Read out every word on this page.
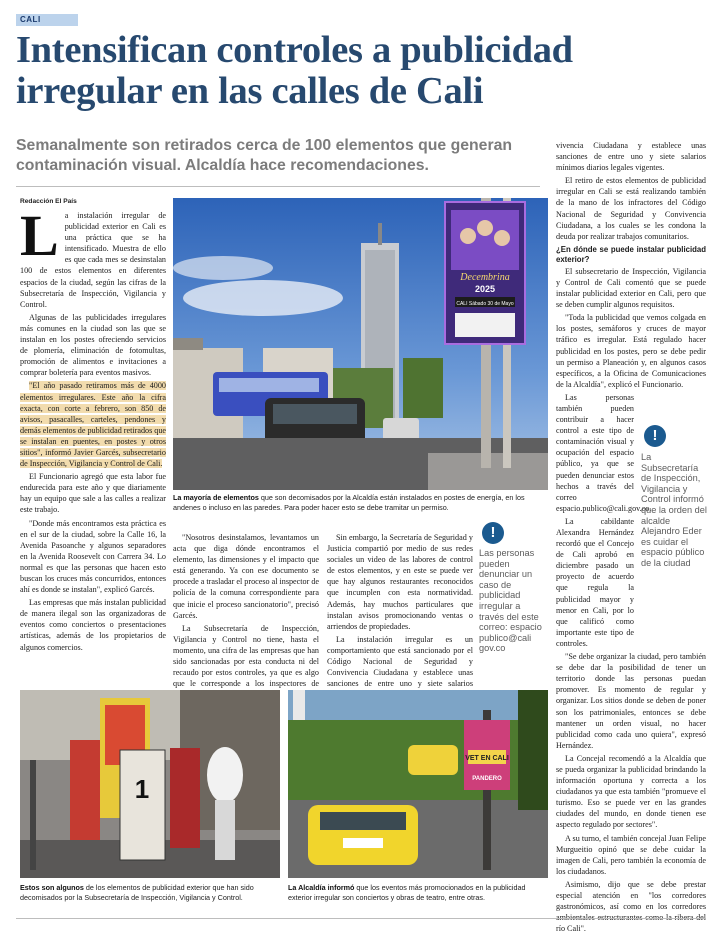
CALI
Intensifican controles a publicidad irregular en las calles de Cali
Semanalmente son retirados cerca de 100 elementos que generan contaminación visual. Alcaldía hace recomendaciones.
Redacción El País

La instalación irregular de publicidad exterior en Cali es una práctica que se ha intensificado. Muestra de ello es que cada mes se desinstalan 100 de estos elementos en diferentes espacios de la ciudad, según las cifras de la Subsecretaría de Inspección, Vigilancia y Control.

Algunas de las publicidades irregulares más comunes en la ciudad son las que se instalan en los postes ofreciendo servicios de plomería, eliminación de fotomultas, promoción de alimentos e invitaciones a comprar boletería para eventos masivos.

"El año pasado retiramos más de 4000 elementos irregulares. Este año la cifra exacta, con corte a febrero, son 850 de avisos, pasacalles, carteles, pendones y demás elementos de publicidad retirados que se instalan en puentes, en postes y otros sitios", informó Javier Garcés, subsecretario de Inspección, Vigilancia y Control de Cali.

El Funcionario agregó que esta labor fue endurecida para este año y que diariamente hay un equipo que sale a las calles a realizar este trabajo.

"Donde más encontramos esta práctica es en el sur de la ciudad, sobre la Calle 16, la Avenida Pasoanche y algunos separadores en la Avenida Roosevelt con Carrera 34. Lo normal es que las personas que hacen esto buscan los cruces más concurridos, entonces ahí es donde se instalan", explicó Garcés.

Las empresas que más instalan publicidad de manera ilegal son las organizadoras de eventos como conciertos o presentaciones artísticas, además de los propietarios de algunos comercios.

Decembrina
2025
CALI Sábado 30 de Mayo
La mayoría de elementos que son decomisados por la Alcaldía están instalados en postes de energía, en los andenes o incluso en las paredes. Para poder hacer esto se debe tramitar un permiso.

"Nosotros desinstalamos, levantamos un acta que diga dónde encontramos el elemento, las dimensiones y el impacto que está generando. Ya con ese documento se procede a trasladar el proceso al inspector de policía de la comuna correspondiente para que inicie el proceso sancionatorio", precisó Garcés.

La Subsecretaría de Inspección, Vigilancia y Control no tiene, hasta el momento, una cifra de las empresas que han sido sancionadas por esta conducta ni del recaudo por estos controles, ya que es algo que le corresponde a los inspectores de

Sin embargo, la Secretaría de Seguridad y Justicia compartió por medio de sus redes sociales un video de las labores de control de estos elementos, y en este se puede ver que hay algunos restaurantes reconocidos que incumplen con esta normatividad. Además, hay muchos particulares que instalan avisos promocionando ventas o arriendos de propiedades.

La instalación irregular es un comportamiento que está sancionado por el Código Nacional de Seguridad y Convivencia Ciudadana y establece unas sanciones de entre uno y siete salarios

!
Las personas pueden denunciar un caso de publicidad irregular a través del este correo: espacio publico@cali gov.co

vivencia Ciudadana y establece unas sanciones de entre uno y siete salarios mínimos diarios legales vigentes.

El retiro de estos elementos de publicidad irregular en Cali se está realizando también de la mano de los infractores del Código Nacional de Seguridad y Convivencia Ciudadana, a los cuales se les condona la deuda por realizar trabajos comunitarios.

¿En dónde se puede instalar publicidad exterior?

El subsecretario de Inspección, Vigilancia y Control de Cali comentó que se puede instalar publicidad exterior en Cali, pero que se deben cumplir algunos requisitos.

"Toda la publicidad que vemos colgada en los postes, semáforos y cruces de mayor tráfico es irregular. Está regulado hacer publicidad en los postes, pero se debe pedir un permiso a Planeación y, en algunos casos específicos, a la Oficina de Comunicaciones de la Alcaldía", explicó el Funcionario.

Las personas también pueden contribuir a hacer control a este tipo de contaminación visual y ocupación del espacio público, ya que se pueden denunciar estos hechos a través del correo espacio.publico@cali.gov.co.

La cabildante Alexandra Hernández recordó que el Concejo de Cali aprobó en diciembre pasado un proyecto de acuerdo que regula la publicidad mayor y menor en Cali, por lo que calificó como importante este tipo de controles.

"Se debe organizar la ciudad, pero también se debe dar la posibilidad de tener un territorio donde las personas puedan promover. Es momento de regular y organizar. Los sitios donde se deben de poner son los patrimoniales, entonces se debe mantener un orden visual, no hacer publicidad como cada uno quiera", expresó Hernández.

La Concejal recomendó a la Alcaldía que se pueda organizar la publicidad brindando la información oportuna y correcta a los ciudadanos ya que esta también "promueve el turismo. Eso se puede ver en las grandes ciudades del mundo, en donde tienen ese aspecto regulado por sectores".

A su turno, el también concejal Juan Felipe Murgueitio opinó que se debe cuidar la imagen de Cali, pero también la economía de los ciudadanos.

Asimismo, dijo que se debe prestar especial atención en "los corredores gastronómicos, así como en los corredores río Cali".

!
La Subsecretaría de Inspección, Vigilancia y Control informó que la orden del alcalde Alejandro Eder es cuidar el espacio público de la ciudad
1
Estos son algunos de los elementos de publicidad exterior que han sido decomisados por la Subsecretaría de Inspección, Vigilancia y Control.
VET EN CALI
PANDERO
La Alcaldía informó que los eventos más promocionados en la publicidad exterior irregular son conciertos y obras de teatro, entre otras.
